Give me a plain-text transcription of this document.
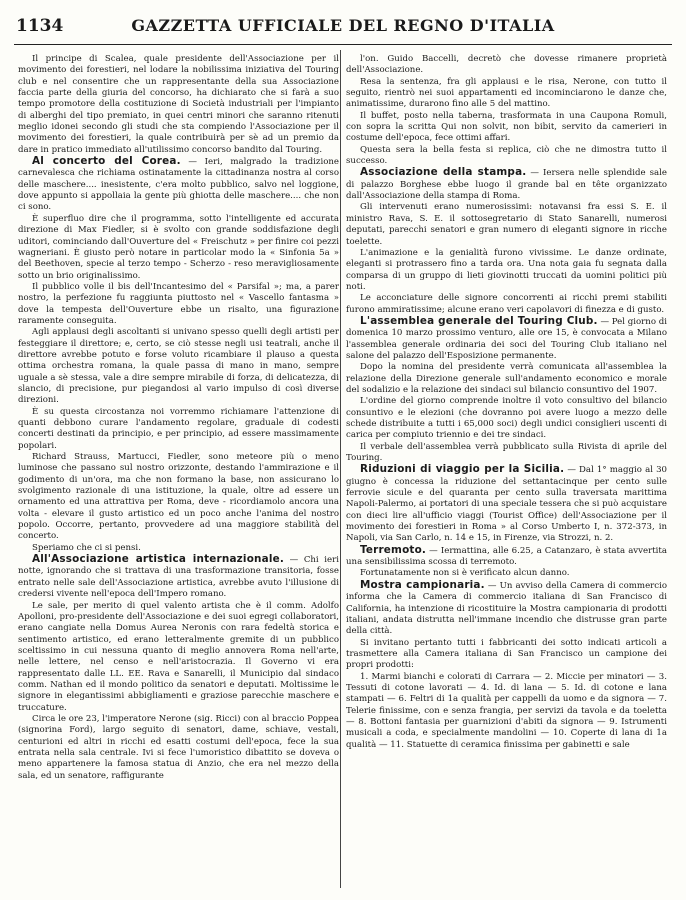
1134	GAZZETTA UFFICIALE DEL REGNO D'ITALIA

Il principe di Scalea, quale presidente dell'Associazione per il movimento dei forestieri, nel lodare la nobilissima iniziativa del Touring club e nel consentire che un rappresentante della sua Associazione faccia parte della giuria del concorso, ha dichiarato che si farà a suo tempo promotore della costituzione di Società industriali per l'impianto di alberghi del tipo premiato, in quei centri minori che saranno ritenuti meglio idonei secondo gli studi che sta compiendo l'Associazione per il movimento dei forestieri, la quale contribuirà per sè ad un premio da dare in pratico immediato all'utilissimo concorso bandito dal Touring.

Al concerto del Corea. — Ieri, malgrado la tradizione carnevalesca che richiama ostinatamente la cittadinanza nostra al corso delle maschere.... inesistente, c'era molto pubblico, salvo nel loggione, dove appunto si appollaia la gente più ghiotta delle maschere.... che non ci sono.

È superfluo dire che il programma, sotto l'intelligente ed accurata direzione di Max Fiedler, si è svolto con grande soddisfazione degli uditori, cominciando dall'Ouverture del « Freischutz » per finire coi pezzi wagneriani. È giusto però notare in particolar modo la « Sinfonia 5a » del Beethoven, specie al terzo tempo - Scherzo - reso meravigliosamente sotto un brio originalissimo.

Il pubblico volle il bis dell'Incantesimo del « Parsifal »; ma, a parer nostro, la perfezione fu raggiunta piuttosto nel « Vascello fantasma » dove la tempesta dell'Ouverture ebbe un risalto, una figurazione raramente conseguita.

Agli applausi degli ascoltanti si univano spesso quelli degli artisti per festeggiare il direttore; e, certo, se ciò stesse negli usi teatrali, anche il direttore avrebbe potuto e forse voluto ricambiare il plauso a questa ottima orchestra romana, la quale passa di mano in mano, sempre uguale a sè stessa, vale a dire sempre mirabile di forza, di delicatezza, di slancio, di precisione, pur piegandosi al vario impulso di così diverse direzioni.

È su questa circostanza noi vorremmo richiamare l'attenzione di quanti debbono curare l'andamento regolare, graduale di codesti concerti destinati da principio, e per principio, ad essere massimamente popolari.

Richard Strauss, Martucci, Fiedler, sono meteore più o meno luminose che passano sul nostro orizzonte, destando l'ammirazione e il godimento di un'ora, ma che non formano la base, non assicurano lo svolgimento razionale di una istituzione, la quale, oltre ad essere un ornamento ed una attrattiva per Roma, deve - ricordiamolo ancora una volta - elevare il gusto artistico ed un poco anche l'anima del nostro popolo. Occorre, pertanto, provvedere ad una maggiore stabilità del concerto.

Speriamo che ci si pensi.

All'Associazione artistica internazionale. — Chi ieri notte, ignorando che si trattava di una trasformazione transitoria, fosse entrato nelle sale dell'Associazione artistica, avrebbe avuto l'illusione di credersi vivente nell'epoca dell'Impero romano.

Le sale, per merito di quel valento artista che è il comm. Adolfo Apolloni, pro-presidente dell'Associazione e dei suoi egregi collaboratori, erano cangiate nella Domus Aurea Neronis con rara fedeltà storica e sentimento artistico, ed erano letteralmente gremite di un pubblico sceltissimo in cui nessuna quanto di meglio annovera Roma nell'arte, nelle lettere, nel censo e nell'aristocrazia. Il Governo vi era rappresentato dalle LL. EE. Rava e Sanarelli, il Municipio dal sindaco comm. Nathan ed il mondo politico da senatori e deputati. Moltissime le signore in elegantissimi abbigliamenti e graziose parecchie maschere e truccature.

Circa le ore 23, l'imperatore Nerone (sig. Ricci) con al braccio Poppea (signorina Ford), largo seguito di senatori, dame, schiave, vestali, centurioni ed altri in ricchi ed esatti costumi dell'epoca, fece la sua entrata nella sala centrale. Ivi si fece l'umoristico dibattito se doveva o meno appartenere la famosa statua di Anzio, che era nel mezzo della sala, ed un senatore, raffigurante

l'on. Guido Baccelli, decretò che dovesse rimanere proprietà dell'Associazione.

Resa la sentenza, fra gli applausi e le risa, Nerone, con tutto il seguito, rientrò nei suoi appartamenti ed incominciarono le danze che, animatissime, durarono fino alle 5 del mattino.

Il buffet, posto nella taberna, trasformata in una Caupona Romuli, con sopra la scritta Qui non solvit, non bibit, servito da camerieri in costume dell'epoca, fece ottimi affari.

Questa sera la bella festa si replica, ciò che ne dimostra tutto il successo.

Associazione della stampa. — Iersera nelle splendide sale di palazzo Borghese ebbe luogo il grande bal en tête organizzato dall'Associazione della stampa di Roma.

Gli intervenuti erano numerosissimi: notavansi fra essi S. E. il ministro Rava, S. E. il sottosegretario di Stato Sanarelli, numerosi deputati, parecchi senatori e gran numero di eleganti signore in ricche toelette.

L'animazione e la genialità furono vivissime. Le danze ordinate, eleganti si protrassero fino a tarda ora. Una nota gaia fu segnata dalla comparsa di un gruppo di lieti giovinotti truccati da uomini politici più noti.

Le acconciature delle signore concorrenti ai ricchi premi stabiliti furono ammiratissime; alcune erano veri capolavori di finezza e di gusto.

L'assemblea generale del Touring Club. — Pel giorno di domenica 10 marzo prossimo venturo, alle ore 15, è convocata a Milano l'assemblea generale ordinaria dei soci del Touring Club italiano nel salone del palazzo dell'Esposizione permanente.

Dopo la nomina del presidente verrà comunicata all'assemblea la relazione della Direzione generale sull'andamento economico e morale del sodalizio e la relazione dei sindaci sul bilancio consuntivo del 1907.

L'ordine del giorno comprende inoltre il voto consultivo del bilancio consuntivo e le elezioni (che dovranno poi avere luogo a mezzo delle schede distribuite a tutti i 65,000 soci) degli undici consiglieri uscenti di carica per compiuto triennio e dei tre sindaci.

Il verbale dell'assemblea verrà pubblicato sulla Rivista di aprile del Touring.

Riduzioni di viaggio per la Sicilia. — Dal 1° maggio al 30 giugno è concessa la riduzione del settantacinque per cento sulle ferrovie sicule e del quaranta per cento sulla traversata marittima Napoli-Palermo, ai portatori di una speciale tessera che si può acquistare con dieci lire all'ufficio viaggi (Tourist Office) dell'Associazione per il movimento dei forestieri in Roma » al Corso Umberto I, n. 372-373, in Napoli, via San Carlo, n. 14 e 15, in Firenze, via Strozzi, n. 2.

Terremoto. — Iermattina, alle 6.25, a Catanzaro, è stata avvertita una sensibilissima scossa di terremoto.

Fortunatamente non si è verificato alcun danno.

Mostra campionaria. — Un avviso della Camera di commercio informa che la Camera di commercio italiana di San Francisco di California, ha intenzione di ricostituire la Mostra campionaria di prodotti italiani, andata distrutta nell'immane incendio che distrusse gran parte della città.

Si invitano pertanto tutti i fabbricanti dei sotto indicati articoli a trasmettere alla Camera italiana di San Francisco un campione dei propri prodotti:

1. Marmi bianchi e colorati di Carrara — 2. Miccie per minatori — 3. Tessuti di cotone lavorati — 4. Id. di lana — 5. Id. di cotone e lana stampati — 6. Feltri di 1a qualità per cappelli da uomo e da signora — 7. Telerie finissime, con e senza frangia, per servizi da tavola e da toeletta — 8. Bottoni fantasia per guarnizioni d'abiti da signora — 9. Istrumenti musicali a coda, e specialmente mandolini — 10. Coperte di lana di 1a qualità — 11. Statuette di ceramica finissima per gabinetti e sale
